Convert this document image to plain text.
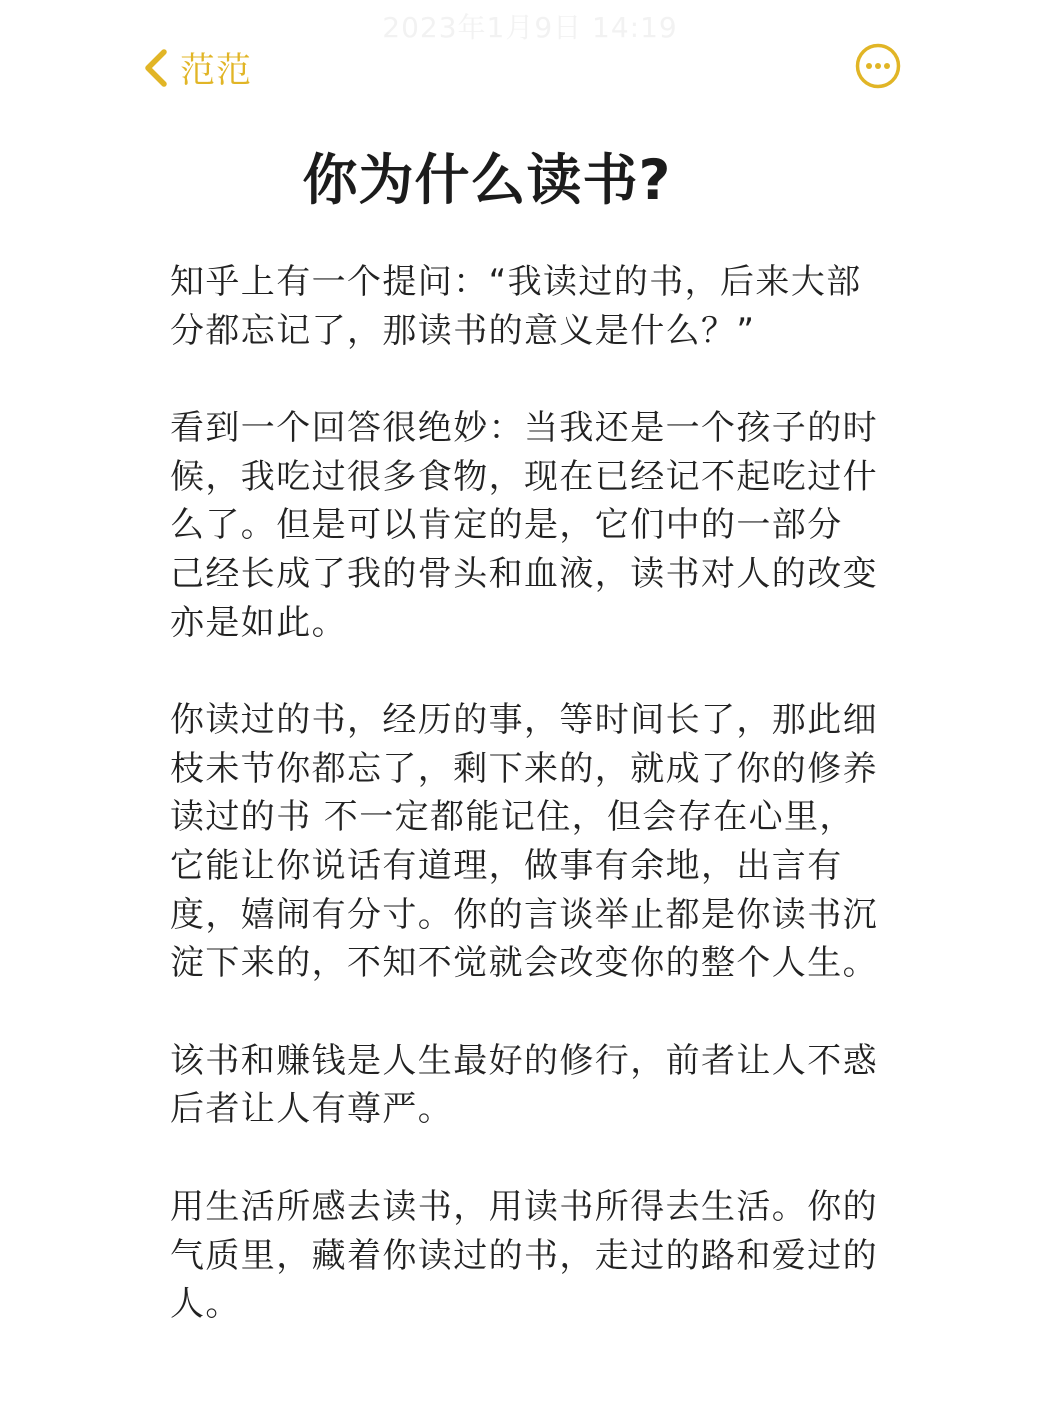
2023年1月9日 14:19
范范
你为什么读书?

知乎上有一个提问：“我读过的书，后来大部分都忘记了，那读书的意义是什么？”

看到一个回答很绝妙：当我还是一个孩子的时候，我吃过很多食物，现在已经记不起吃过什么了。但是可以肯定的是，它们中的一部分 己经长成了我的骨头和血液，读书对人的改变亦是如此。

你读过的书，经历的事，等时间长了，那此细枝未节你都忘了，剩下来的，就成了你的修养读过的书 不一定都能记住，但会存在心里，它能让你说话有道理，做事有余地，出言有度，嬉闹有分寸。你的言谈举止都是你读书沉淀下来的，不知不觉就会改变你的整个人生。

该书和赚钱是人生最好的修行，前者让人不惑后者让人有尊严。

用生活所感去读书，用读书所得去生活。你的气质里，藏着你读过的书，走过的路和爱过的人。
